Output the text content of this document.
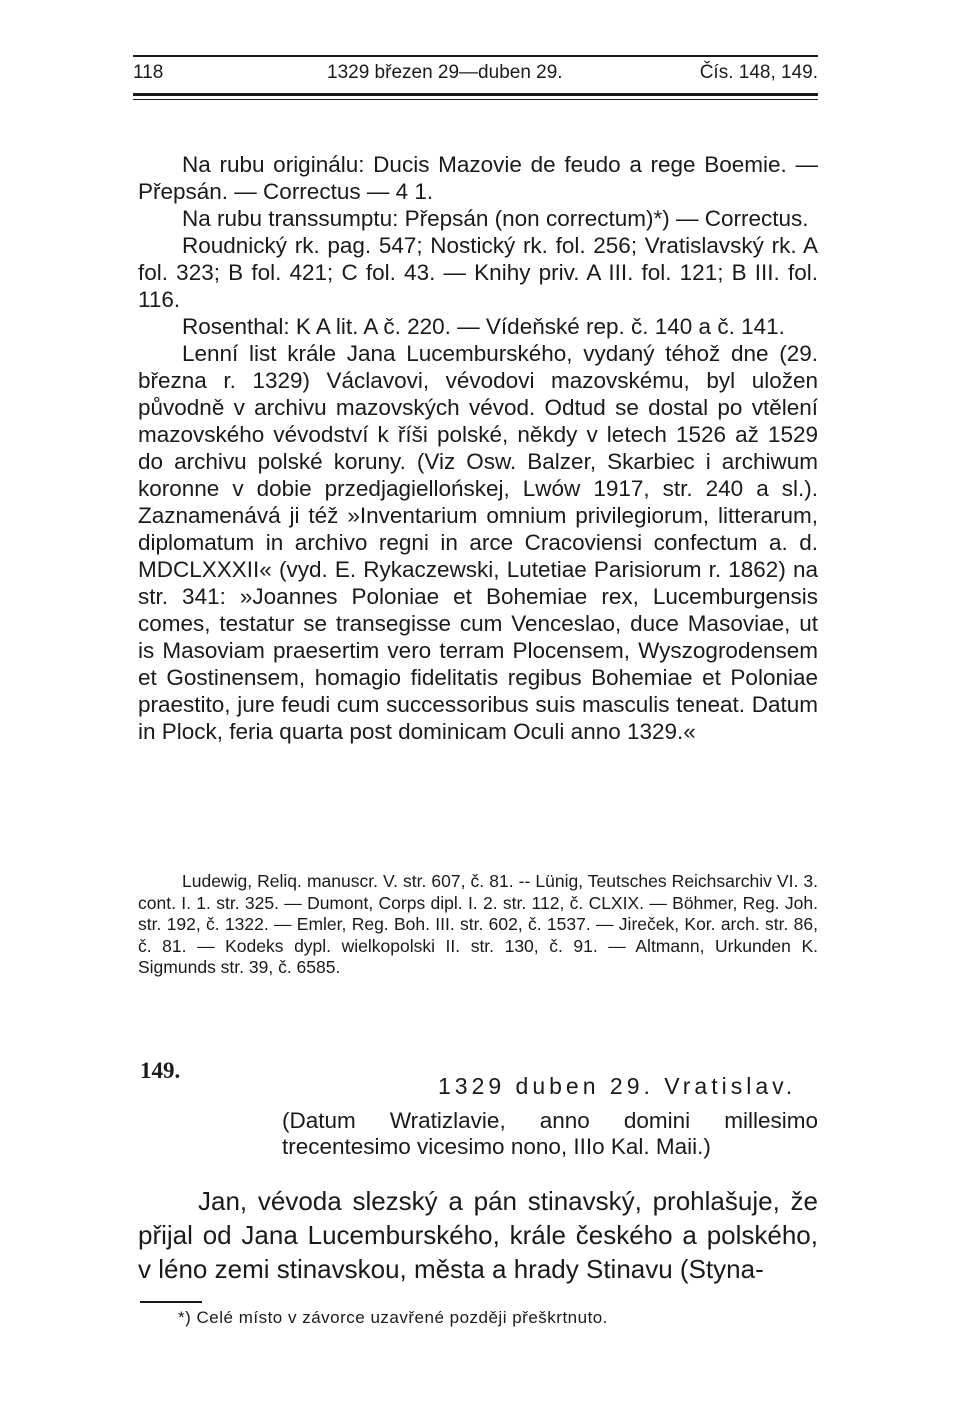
118	1329 březen 29—duben 29.	Čís. 148, 149.

Na rubu originálu: Ducis Mazovie de feudo a rege Boemie. — Přepsán. — Correctus — 4 1.

Na rubu transsumptu: Přepsán (non correctum)*) — Correctus.

Roudnický rk. pag. 547; Nostický rk. fol. 256; Vratislavský rk. A fol. 323; B fol. 421; C fol. 43. — Knihy priv. A III. fol. 121; B III. fol. 116.

Rosenthal: K A lit. A č. 220. — Vídeňské rep. č. 140 a č. 141.

Lenní list krále Jana Lucemburského, vydaný téhož dne (29. března r. 1329) Václavovi, vévodovi mazovskému, byl uložen původně v archivu mazovských vévod. Odtud se dostal po vtělení mazovského vévodství k říši polské, někdy v letech 1526 až 1529 do archivu polské koruny. (Viz Osw. Balzer, Skarbiec i archiwum koronne v dobie przedjagiellońskej, Lwów 1917, str. 240 a sl.). Zaznamenává ji též »Inventarium omnium privilegiorum, litterarum, diplomatum in archivo regni in arce Cracoviensi confectum a. d. MDCLXXXII« (vyd. E. Rykaczewski, Lutetiae Parisiorum r. 1862) na str. 341: »Joannes Poloniae et Bohemiae rex, Lucemburgensis comes, testatur se transegisse cum Venceslao, duce Masoviae, ut is Masoviam praesertim vero terram Plocensem, Wyszogrodensem et Gostinensem, homagio fidelitatis regibus Bohemiae et Poloniae praestito, jure feudi cum successoribus suis masculis teneat. Datum in Plock, feria quarta post dominicam Oculi anno 1329.«

Ludewig, Reliq. manuscr. V. str. 607, č. 81. -- Lünig, Teutsches Reichsarchiv VI. 3. cont. I. 1. str. 325. — Dumont, Corps dipl. I. 2. str. 112, č. CLXIX. — Böhmer, Reg. Joh. str. 192, č. 1322. — Emler, Reg. Boh. III. str. 602, č. 1537. — Jireček, Kor. arch. str. 86, č. 81. — Kodeks dypl. wielkopolski II. str. 130, č. 91. — Altmann, Urkunden K. Sigmunds str. 39, č. 6585.

149.
1329 duben 29. Vratislav.

(Datum Wratizlavie, anno domini millesimo trecentesimo vicesimo nono, IIIo Kal. Maii.)

Jan, vévoda slezský a pán stinavský, prohlašuje, že přijal od Jana Lucemburského, krále českého a polského, v léno zemi stinavskou, města a hrady Stinavu (Styna-

*) Celé místo v závorce uzavřené později přeškrtnuto.
